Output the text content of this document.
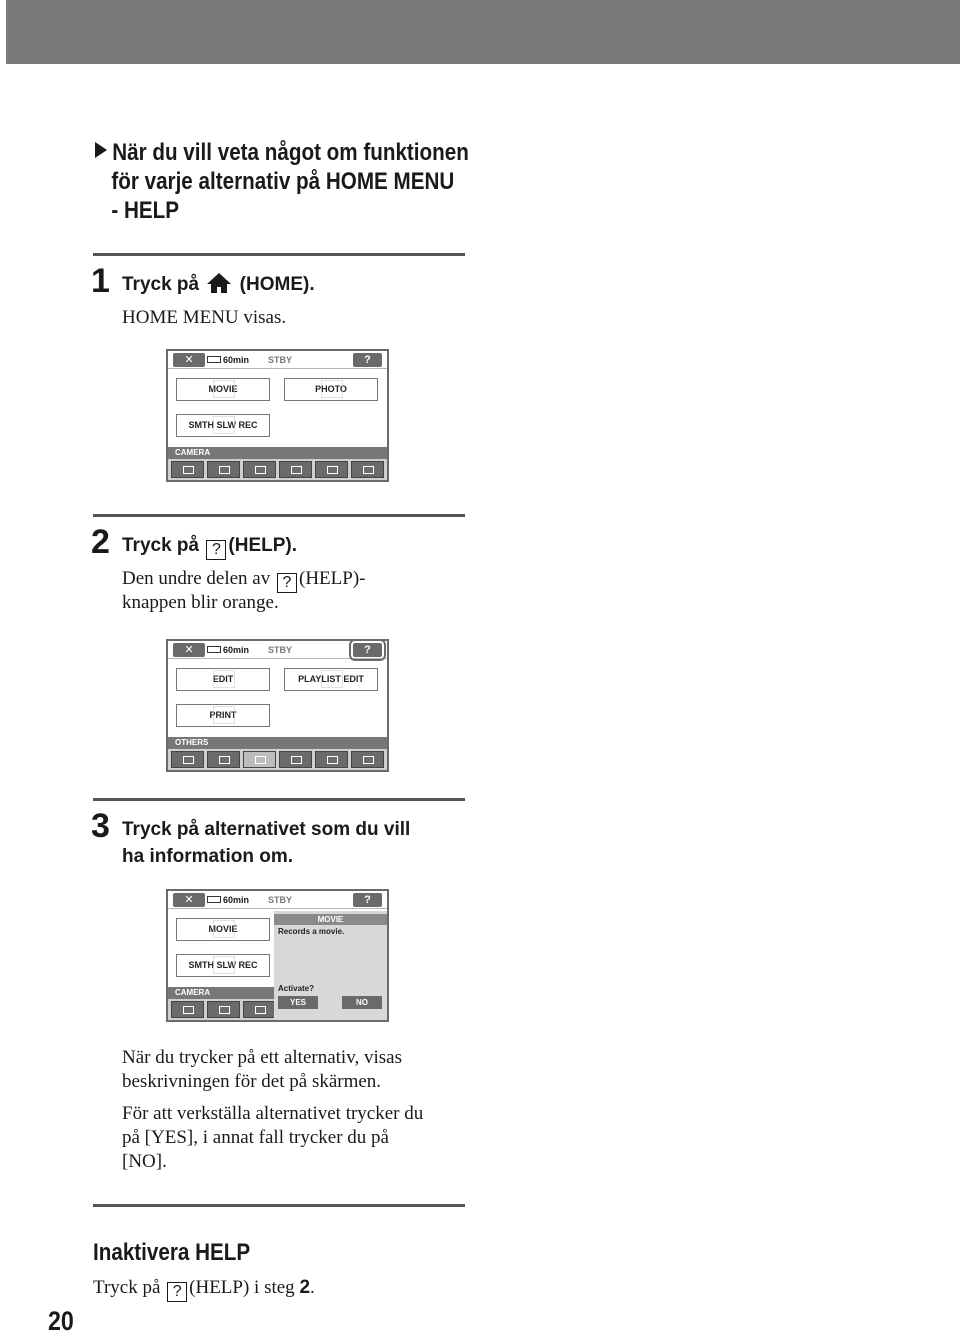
När du vill veta något om funktionen
för varje alternativ på HOME MENU
- HELP
1 Tryck på (HOME).
HOME MENU visas.
✕	60min STBY	?
MOVIE	PHOTO
SMTH SLW REC
CAMERA
2 Tryck på ? (HELP).
Den undre delen av ? (HELP)-
knappen blir orange.
✕	60min STBY	?
EDIT	PLAYLIST EDIT
PRINT
OTHERS
3 Tryck på alternativet som du vill
ha information om.
✕	60min STBY	?
MOVIE
SMTH SLW REC
CAMERA
MOVIE
Records a movie.
Activate?
YES	NO
När du trycker på ett alternativ, visas
beskrivningen för det på skärmen.
För att verkställa alternativet trycker du
på [YES], i annat fall trycker du på
[NO].
Inaktivera HELP
Tryck på ? (HELP) i steg 2.
20
